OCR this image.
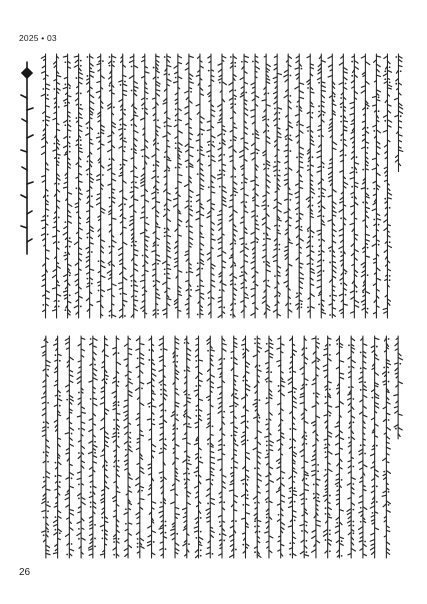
2025 • 03
26
